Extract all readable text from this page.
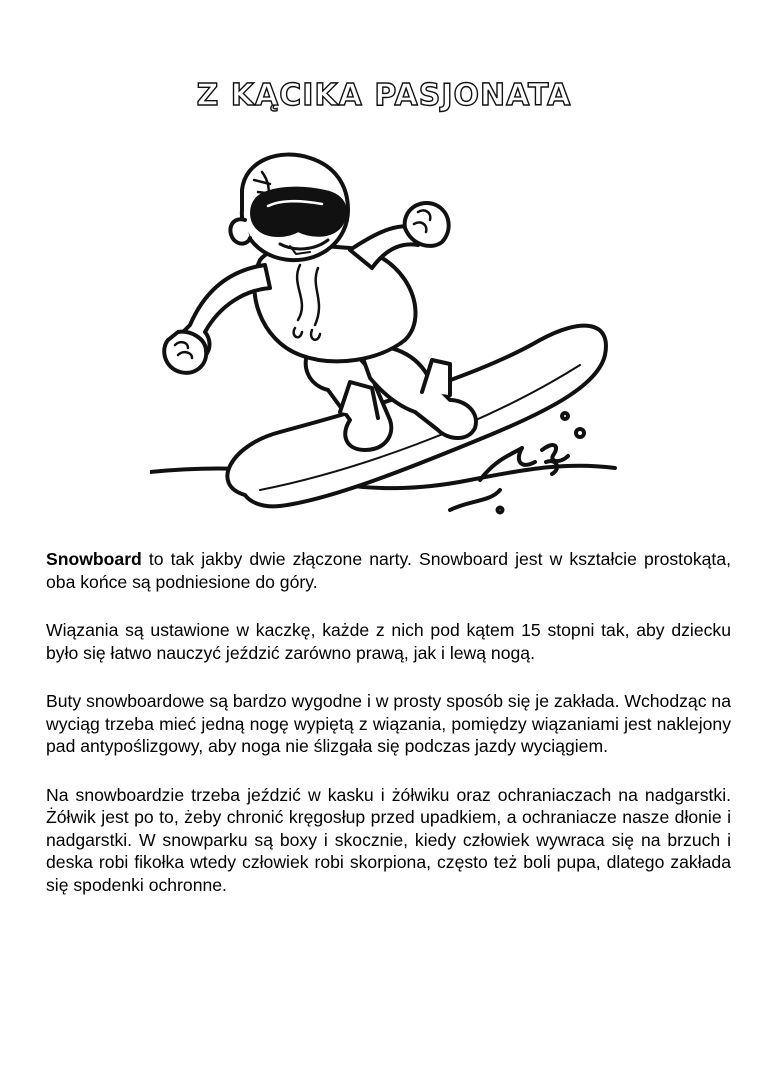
Z KĄCIKA PASJONATA

Snowboard to tak jakby dwie złączone narty. Snowboard jest w kształcie prostokąta, oba końce są podniesione do góry.

Wiązania są ustawione w kaczkę, każde z nich pod kątem 15 stopni tak, aby dziecku było się łatwo nauczyć jeździć zarówno prawą, jak i lewą nogą.

Buty snowboardowe są bardzo wygodne i w prosty sposób się je zakłada. Wchodząc na wyciąg trzeba mieć jedną nogę wypiętą z wiązania, pomiędzy wiązaniami jest naklejony pad antypoślizgowy, aby noga nie ślizgała się podczas jazdy wyciągiem.

Na snowboardzie trzeba jeździć w kasku i żółwiku oraz ochraniaczach na nadgarstki. Żółwik jest po to, żeby chronić kręgosłup przed upadkiem, a ochraniacze nasze dłonie i nadgarstki. W snowparku są boxy i skocznie, kiedy człowiek wywraca się na brzuch i deska robi fikołka wtedy człowiek robi skorpiona, często też boli pupa, dlatego zakłada się spodenki ochronne.
